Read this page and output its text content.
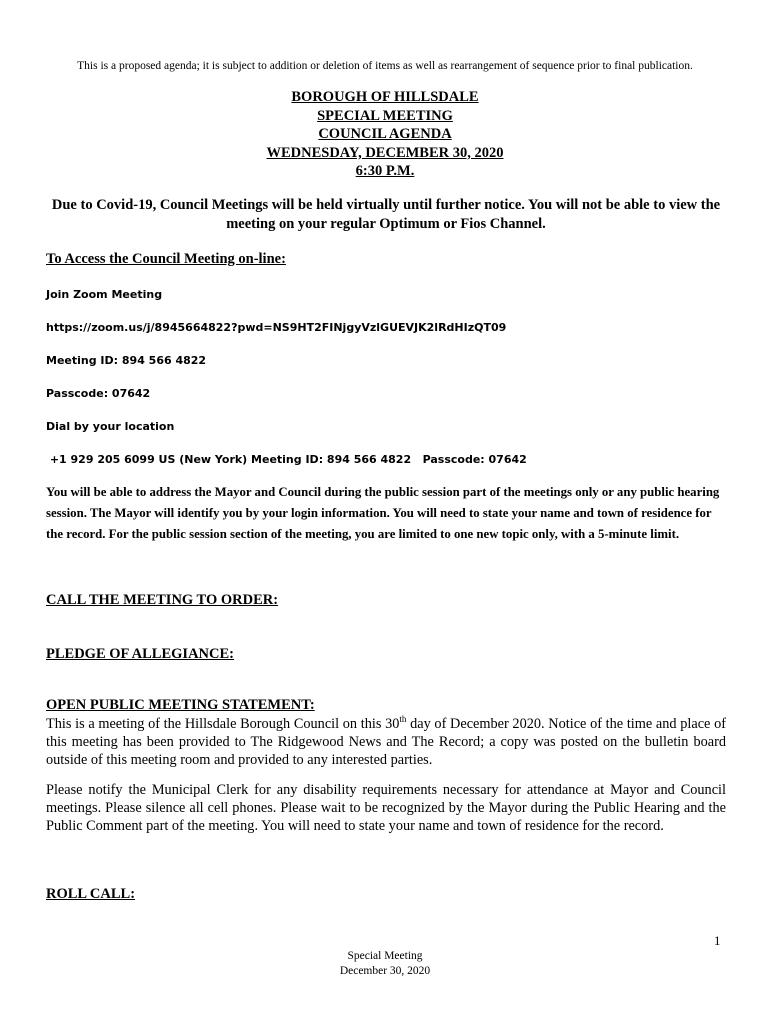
This is a proposed agenda; it is subject to addition or deletion of items as well as rearrangement of sequence prior to final publication.
BOROUGH OF HILLSDALE
SPECIAL MEETING
COUNCIL AGENDA
WEDNESDAY, DECEMBER 30, 2020
6:30 P.M.
Due to Covid-19, Council Meetings will be held virtually until further notice. You will not be able to view the meeting on your regular Optimum or Fios Channel.
To Access the Council Meeting on-line:
Join Zoom Meeting
https://zoom.us/j/8945664822?pwd=NS9HT2FINjgyVzlGUEVJK2lRdHIzQT09
Meeting ID: 894 566 4822
Passcode: 07642
Dial by your location
+1 929 205 6099 US (New York) Meeting ID: 894 566 4822   Passcode: 07642
You will be able to address the Mayor and Council during the public session part of the meetings only or any public hearing session. The Mayor will identify you by your login information. You will need to state your name and town of residence for the record. For the public session section of the meeting, you are limited to one new topic only, with a 5-minute limit.
CALL THE MEETING TO ORDER:
PLEDGE OF ALLEGIANCE:
OPEN PUBLIC MEETING STATEMENT:
This is a meeting of the Hillsdale Borough Council on this 30th day of December 2020. Notice of the time and place of this meeting has been provided to The Ridgewood News and The Record; a copy was posted on the bulletin board outside of this meeting room and provided to any interested parties.
Please notify the Municipal Clerk for any disability requirements necessary for attendance at Mayor and Council meetings. Please silence all cell phones. Please wait to be recognized by the Mayor during the Public Hearing and the Public Comment part of the meeting. You will need to state your name and town of residence for the record.
ROLL CALL:
1
Special Meeting
December 30, 2020
